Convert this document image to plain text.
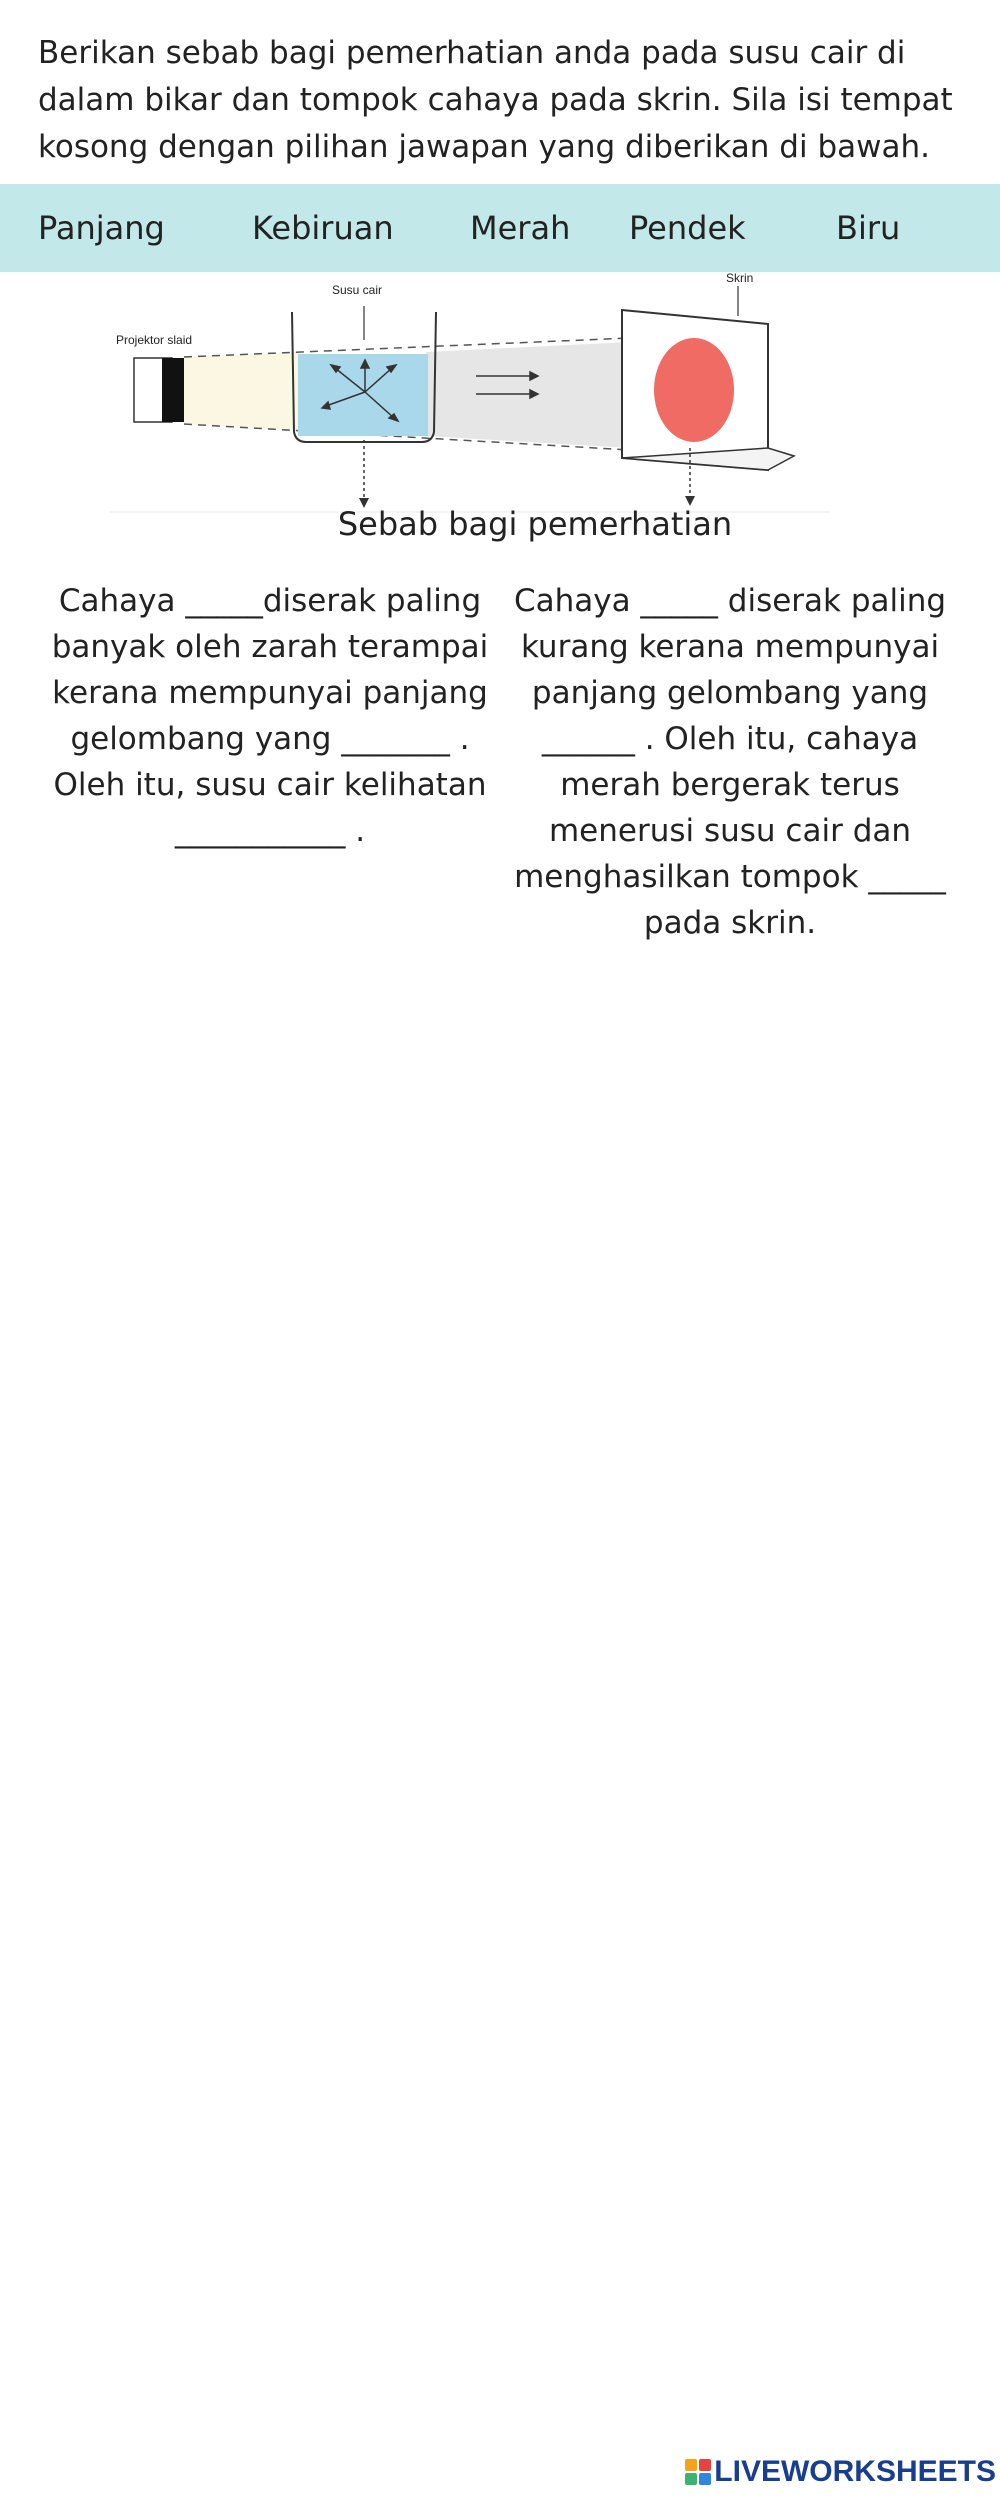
Berikan sebab bagi pemerhatian anda pada susu cair di dalam bikar dan tompok cahaya pada skrin. Sila isi tempat kosong dengan pilihan jawapan yang diberikan di bawah.

Panjang	Kebiruan Merah Pendek	Biru
Projektor slaid
Susu cair
Skrin
Sebab bagi pemerhatian

Cahaya _____diserak paling banyak oleh zarah terampai kerana mempunyai panjang gelombang yang _______ . Oleh itu, susu cair kelihatan ___________ .

Cahaya _____ diserak paling kurang kerana mempunyai panjang gelombang yang ______ . Oleh itu, cahaya merah bergerak terus menerusi susu cair dan menghasilkan tompok _____ pada skrin.

LIVEWORKSHEETS
